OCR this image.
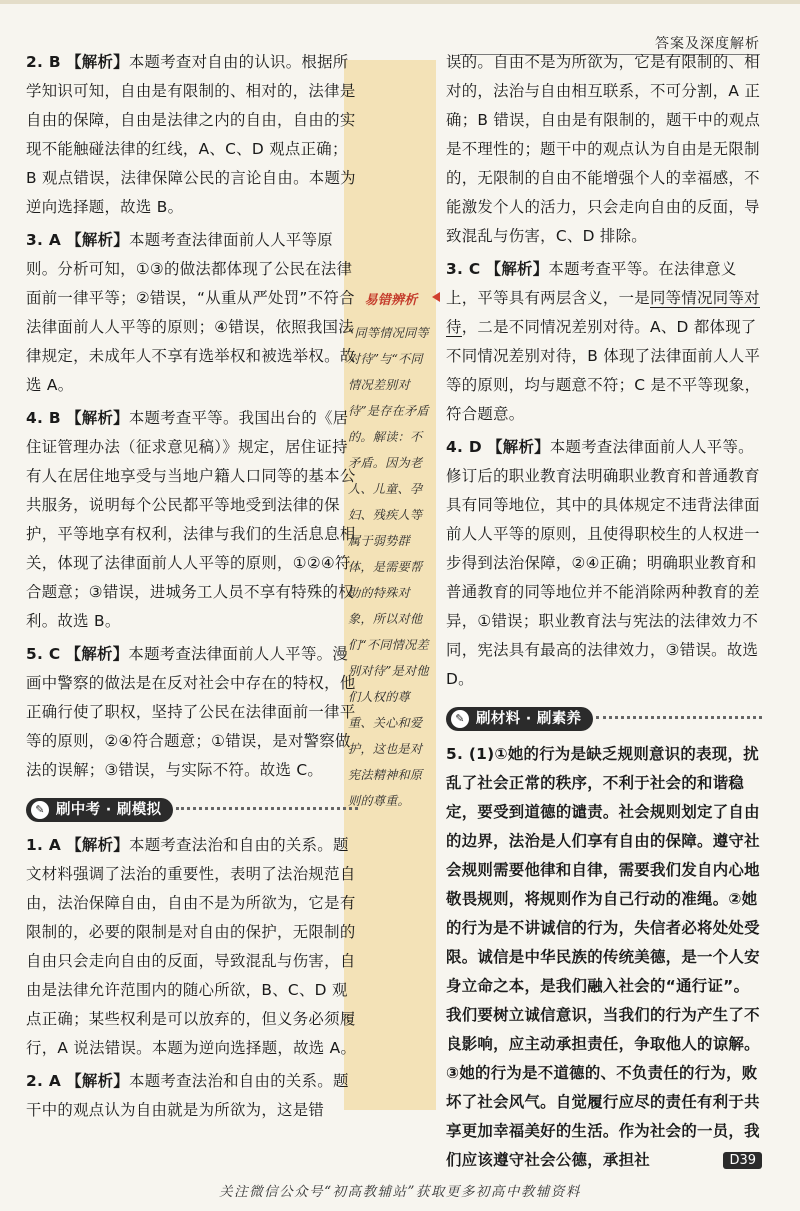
答案及深度解析
2. B 【解析】本题考查对自由的认识。根据所学知识可知，自由是有限制的、相对的，法律是自由的保障，自由是法律之内的自由，自由的实现不能触碰法律的红线，A、C、D 观点正确；B 观点错误，法律保障公民的言论自由。本题为逆向选择题，故选 B。
3. A 【解析】本题考查法律面前人人平等原则。分析可知，①③的做法都体现了公民在法律面前一律平等；②错误，“从重从严处罚”不符合法律面前人人平等的原则；④错误，依照我国法律规定，未成年人不享有选举权和被选举权。故选 A。
4. B 【解析】本题考查平等。我国出台的《居住证管理办法（征求意见稿）》规定，居住证持有人在居住地享受与当地户籍人口同等的基本公共服务，说明每个公民都平等地受到法律的保护，平等地享有权利，法律与我们的生活息息相关，体现了法律面前人人平等的原则，①②④符合题意；③错误，进城务工人员不享有特殊的权利。故选 B。
5. C 【解析】本题考查法律面前人人平等。漫画中警察的做法是在反对社会中存在的特权，他正确行使了职权，坚持了公民在法律面前一律平等的原则，②④符合题意；①错误，是对警察做法的误解；③错误，与实际不符。故选 C。
✎ 刷中考 · 刷模拟
1. A 【解析】本题考查法治和自由的关系。题文材料强调了法治的重要性，表明了法治规范自由，法治保障自由，自由不是为所欲为，它是有限制的，必要的限制是对自由的保护，无限制的自由只会走向自由的反面，导致混乱与伤害，自由是法律允许范围内的随心所欲，B、C、D 观点正确；某些权利是可以放弃的，但义务必须履行，A 说法错误。本题为逆向选择题，故选 A。
2. A 【解析】本题考查法治和自由的关系。题干中的观点认为自由就是为所欲为，这是错
易错辨析
“同等情况同等对待”与“不同情况差别对待”是存在矛盾的。解读：不矛盾。因为老人、儿童、孕妇、残疾人等属于弱势群体，是需要帮助的特殊对象，所以对他们“不同情况差别对待”是对他们人权的尊重、关心和爱护，这也是对宪法精神和原则的尊重。
误的。自由不是为所欲为，它是有限制的、相对的，法治与自由相互联系，不可分割，A 正确；B 错误，自由是有限制的，题干中的观点是不理性的；题干中的观点认为自由是无限制的，无限制的自由不能增强个人的幸福感，不能激发个人的活力，只会走向自由的反面，导致混乱与伤害，C、D 排除。
3. C 【解析】本题考查平等。在法律意义上，平等具有两层含义，一是同等情况同等对待，二是不同情况差别对待。A、D 都体现了不同情况差别对待，B 体现了法律面前人人平等的原则，均与题意不符；C 是不平等现象，符合题意。
4. D 【解析】本题考查法律面前人人平等。修订后的职业教育法明确职业教育和普通教育具有同等地位，其中的具体规定不违背法律面前人人平等的原则，且使得职校生的人权进一步得到法治保障，②④正确；明确职业教育和普通教育的同等地位并不能消除两种教育的差异，①错误；职业教育法与宪法的法律效力不同，宪法具有最高的法律效力，③错误。故选 D。
✎ 刷材料 · 刷素养
5. (1)①她的行为是缺乏规则意识的表现，扰乱了社会正常的秩序，不利于社会的和谐稳定，要受到道德的谴责。社会规则划定了自由的边界，法治是人们享有自由的保障。遵守社会规则需要他律和自律，需要我们发自内心地敬畏规则，将规则作为自己行动的准绳。②她的行为是不讲诚信的行为，失信者必将处处受限。诚信是中华民族的传统美德，是一个人安身立命之本，是我们融入社会的“通行证”。我们要树立诚信意识，当我们的行为产生了不良影响，应主动承担责任，争取他人的谅解。③她的行为是不道德的、不负责任的行为，败坏了社会风气。自觉履行应尽的责任有利于共享更加幸福美好的生活。作为社会的一员，我们应该遵守社会公德，承担社	D39
关注微信公众号“初高教辅站”获取更多初高中教辅资料
